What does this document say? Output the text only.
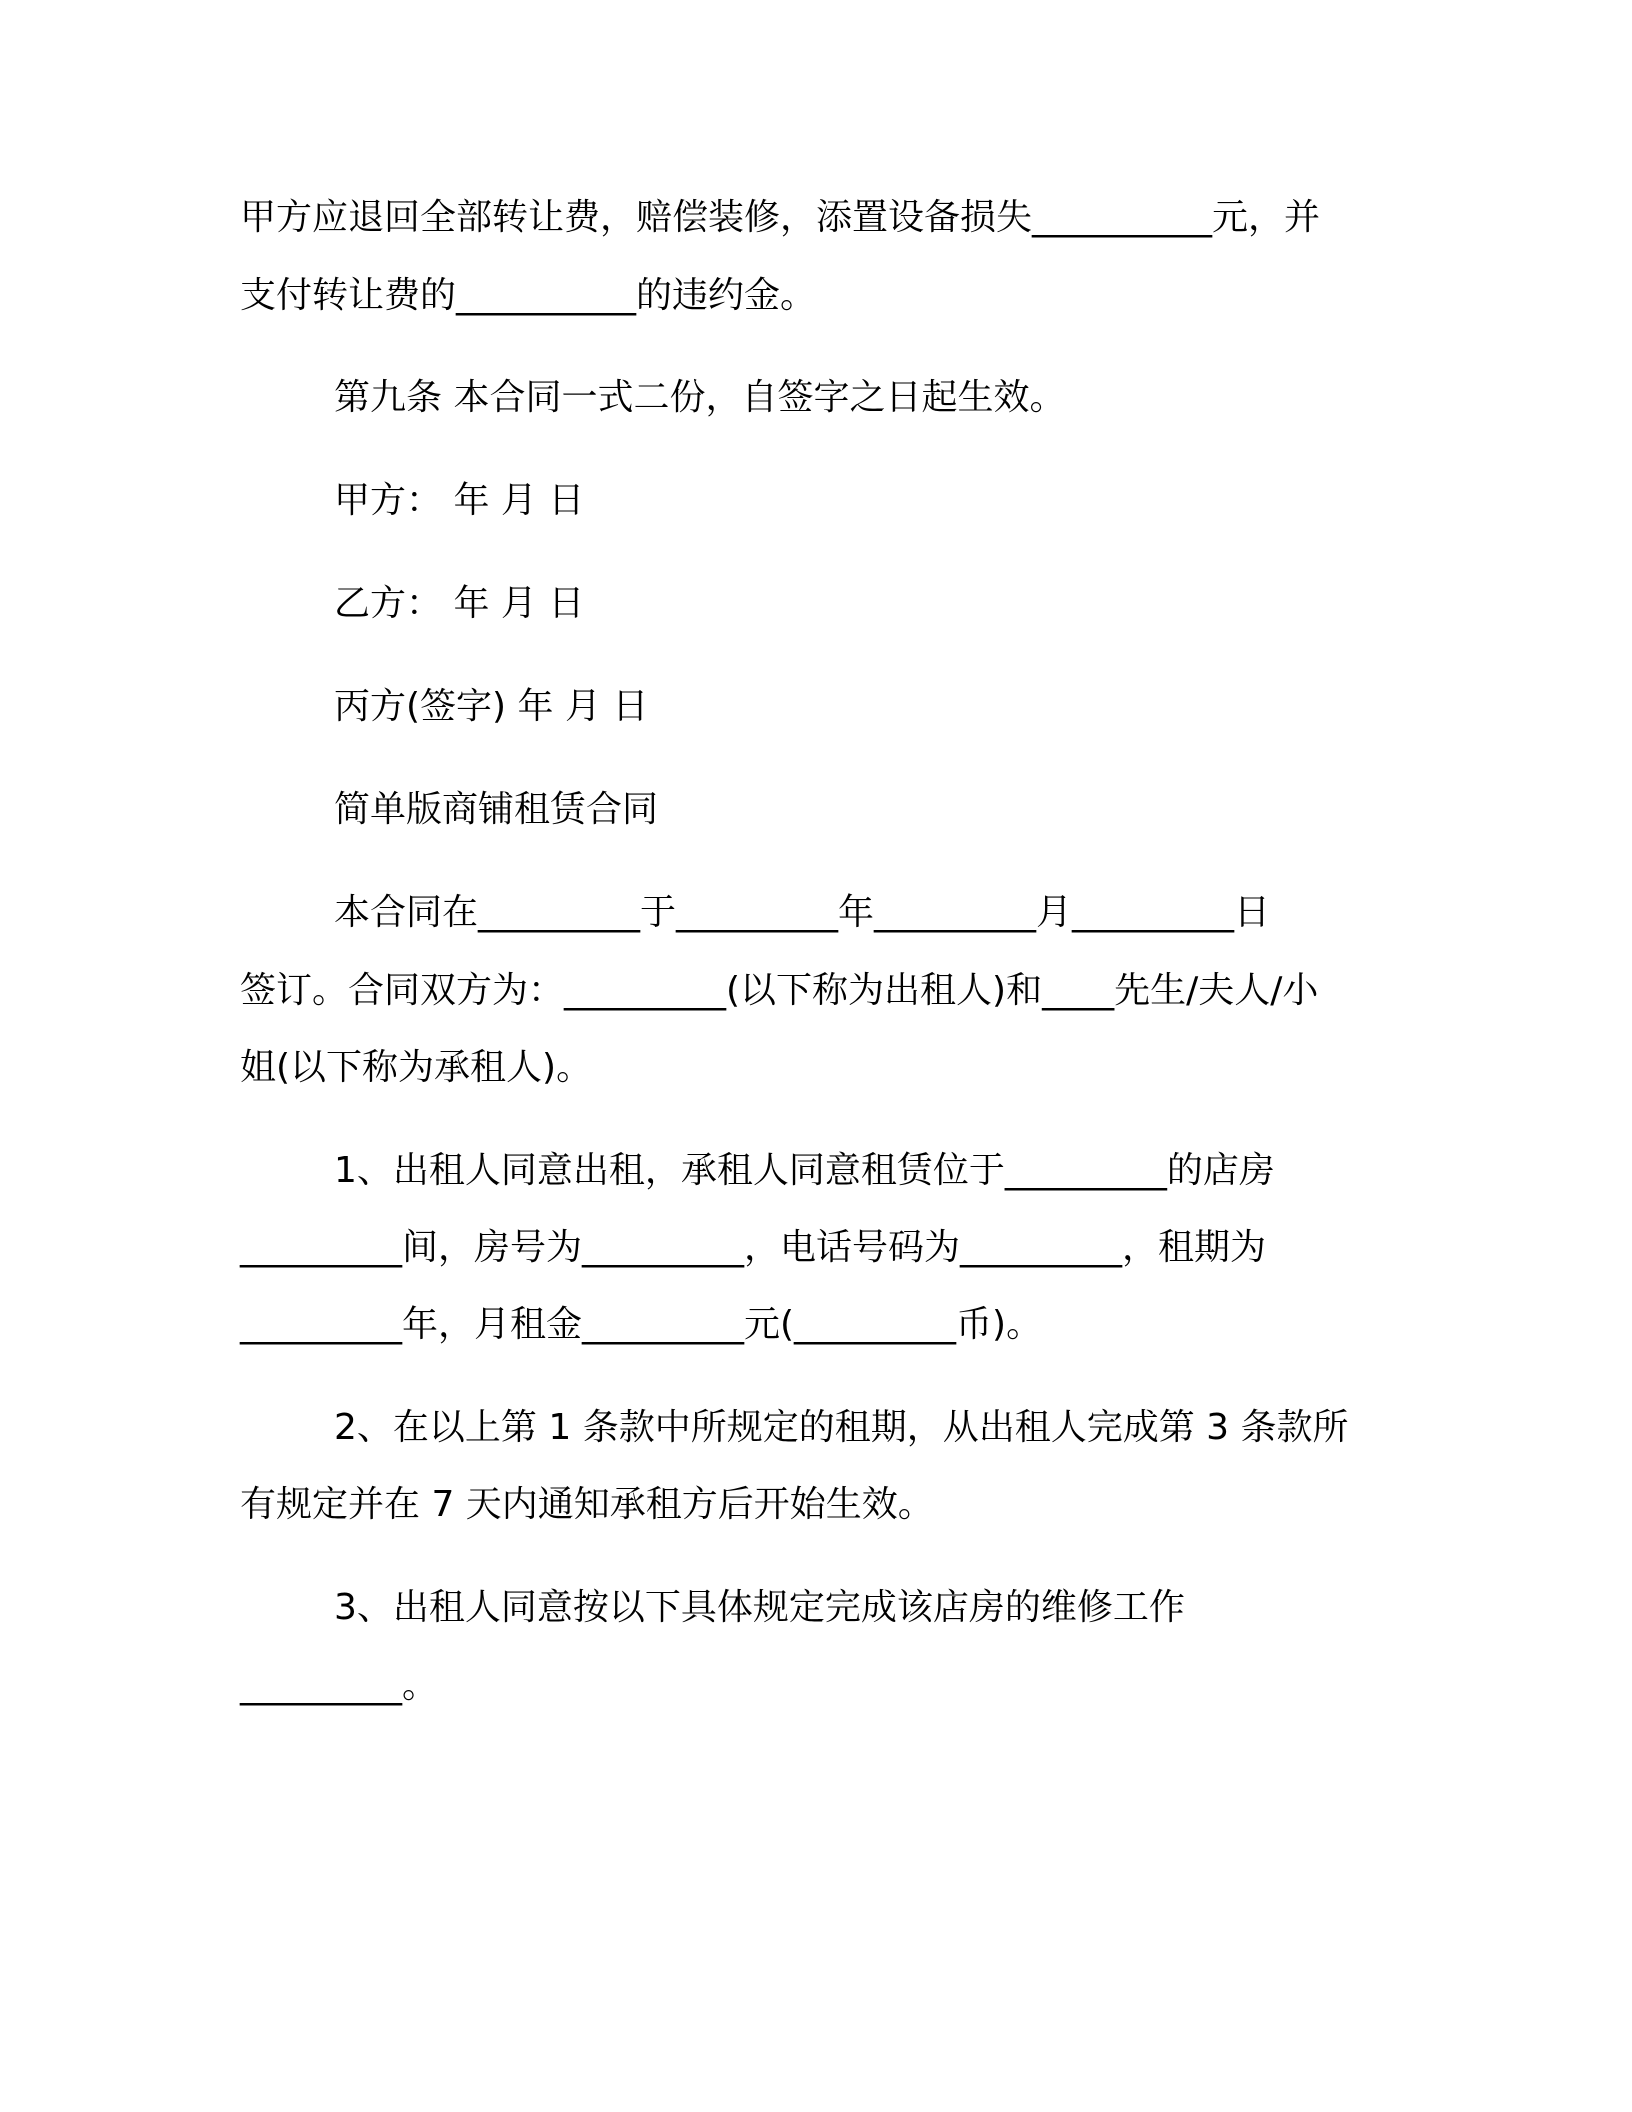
甲方应退回全部转让费，赔偿装修，添置设备损失__________元，并
支付转让费的__________的违约金。
第九条 本合同一式二份，自签字之日起生效。
甲方： 年 月 日
乙方： 年 月 日
丙方(签字) 年 月 日
简单版商铺租赁合同
本合同在_________于_________年_________月_________日
签订。合同双方为：_________(以下称为出租人)和____先生/夫人/小
姐(以下称为承租人)。
1、出租人同意出租，承租人同意租赁位于_________的店房
_________间，房号为_________，电话号码为_________，租期为
_________年，月租金_________元(_________币)。
2、在以上第 1 条款中所规定的租期，从出租人完成第 3 条款所
有规定并在 7 天内通知承租方后开始生效。
3、出租人同意按以下具体规定完成该店房的维修工作
_________。
